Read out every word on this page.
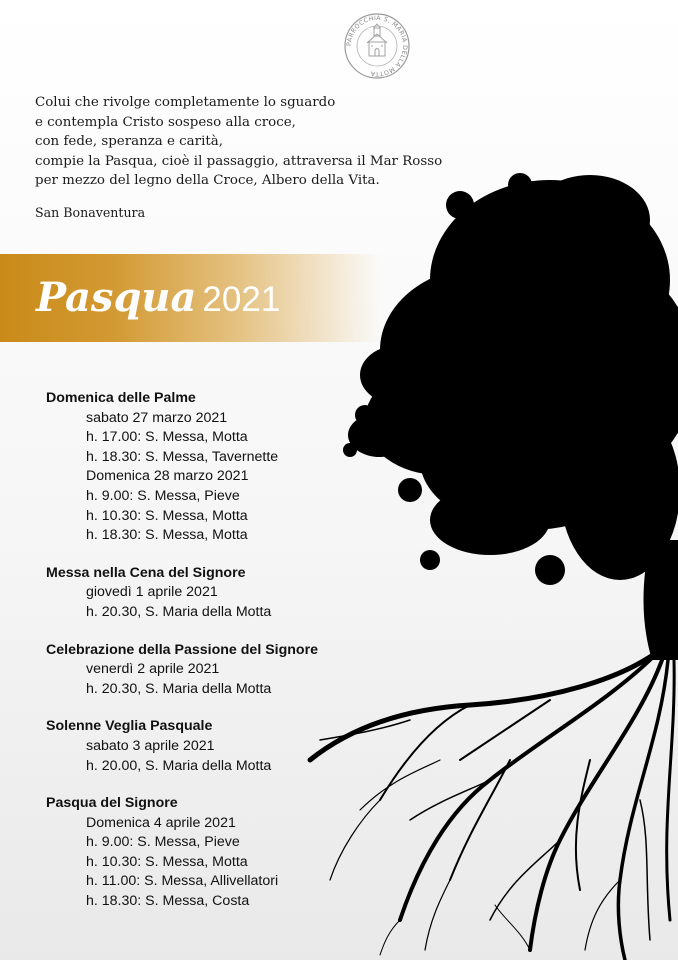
PARROCCHIA S. MARIA DELLA MOTTA
Colui che rivolge completamente lo sguardo
e contempla Cristo sospeso alla croce,
con fede, speranza e carità,
compie la Pasqua, cioè il passaggio, attraversa il Mar Rosso
per mezzo del legno della Croce, Albero della Vita.
San Bonaventura
Pasqua 2021
Domenica delle Palme
sabato 27 marzo 2021
h. 17.00: S. Messa, Motta
h. 18.30: S. Messa, Tavernette
Domenica 28 marzo 2021
h. 9.00: S. Messa, Pieve
h. 10.30: S. Messa, Motta
h. 18.30: S. Messa, Motta
Messa nella Cena del Signore
giovedì 1 aprile 2021
h. 20.30, S. Maria della Motta
Celebrazione della Passione del Signore
venerdì 2 aprile 2021
h. 20.30, S. Maria della Motta
Solenne Veglia Pasquale
sabato 3 aprile 2021
h. 20.00, S. Maria della Motta
Pasqua del Signore
Domenica 4 aprile 2021
h. 9.00: S. Messa, Pieve
h. 10.30: S. Messa, Motta
h. 11.00: S. Messa, Allivellatori
h. 18.30: S. Messa, Costa
